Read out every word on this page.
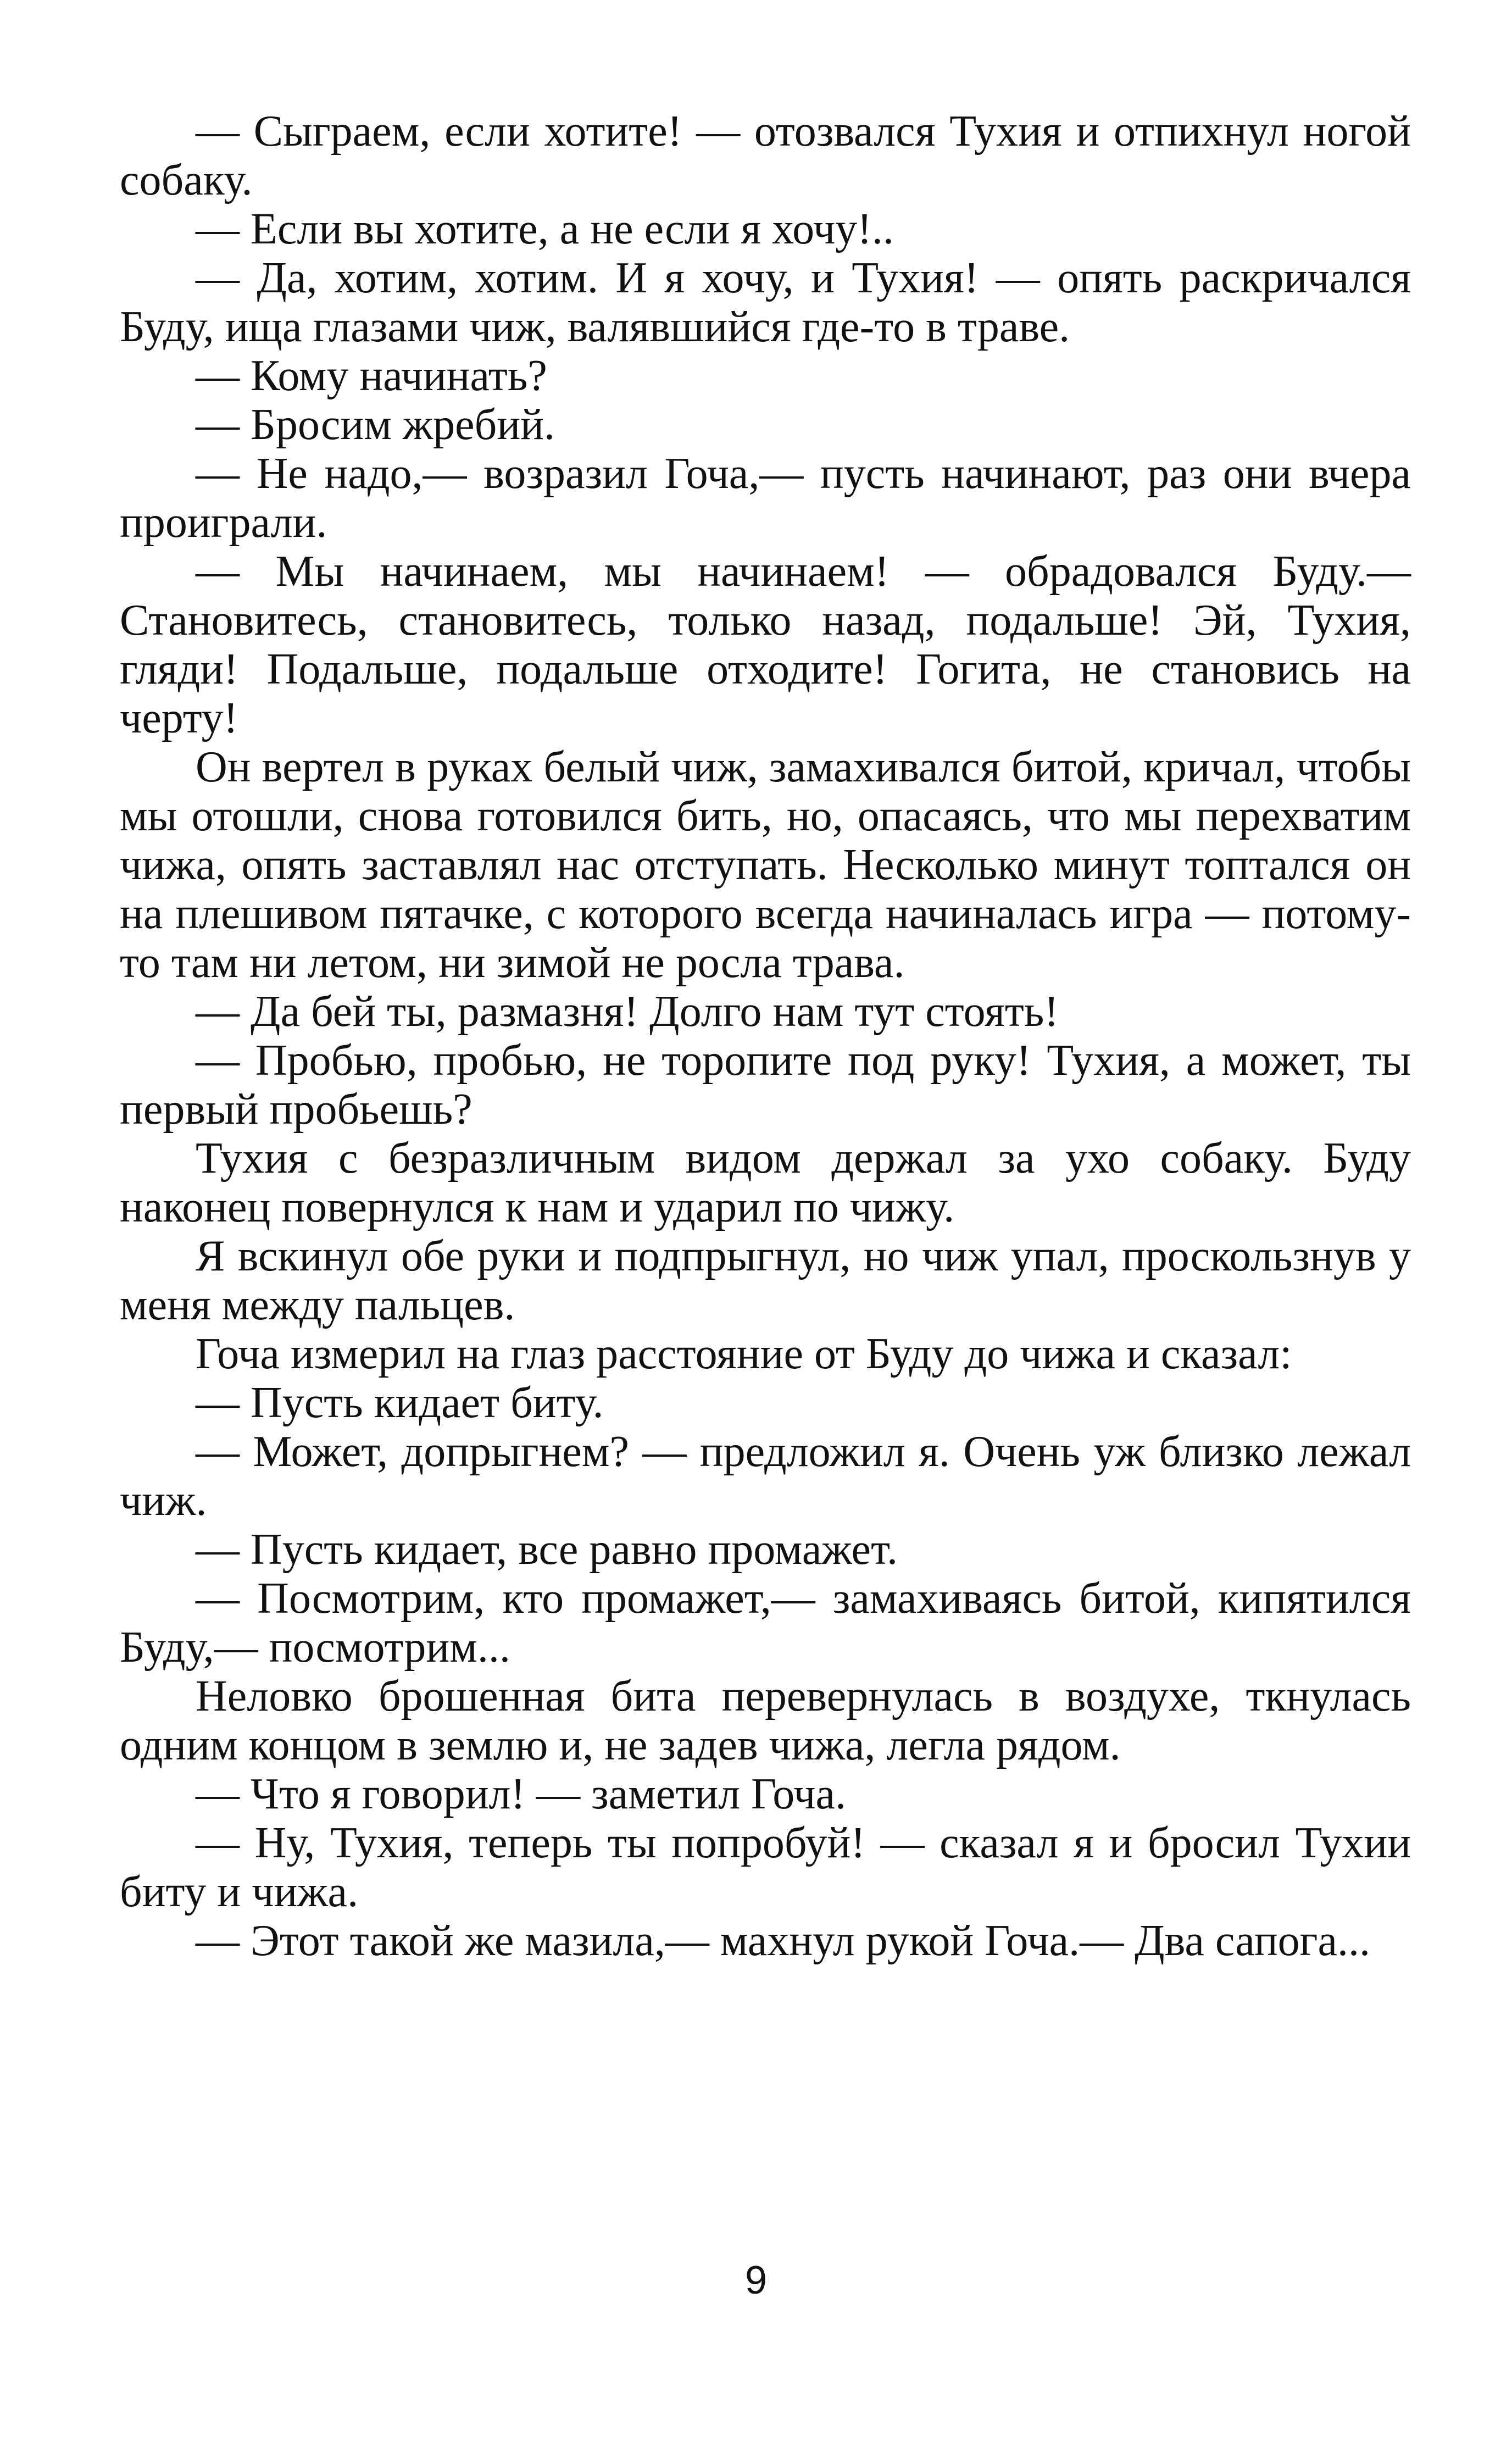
— Сыграем, если хотите! — отозвался Тухия и отпихнул ногой собаку.

— Если вы хотите, а не если я хочу!..

— Да, хотим, хотим. И я хочу, и Тухия! — опять раскричался Буду, ища глазами чиж, валявшийся где-то в траве.

— Кому начинать?

— Бросим жребий.

— Не надо,— возразил Гоча,— пусть начинают, раз они вчера проиграли.

— Мы начинаем, мы начинаем! — обрадовался Буду.— Становитесь, становитесь, только назад, подальше! Эй, Тухия, гляди! Подальше, подальше отходите! Гогита, не становись на черту!

Он вертел в руках белый чиж, замахивался битой, кричал, чтобы мы отошли, снова готовился бить, но, опасаясь, что мы перехватим чижа, опять заставлял нас отступать. Несколько минут топтался он на плешивом пятачке, с которого всегда начиналась игра — потому-то там ни летом, ни зимой не росла трава.

— Да бей ты, размазня! Долго нам тут стоять!

— Пробью, пробью, не торопите под руку! Тухия, а может, ты первый пробьешь?

Тухия с безразличным видом держал за ухо собаку. Буду наконец повернулся к нам и ударил по чижу.

Я вскинул обе руки и подпрыгнул, но чиж упал, проскользнув у меня между пальцев.

Гоча измерил на глаз расстояние от Буду до чижа и сказал:

— Пусть кидает биту.

— Может, допрыгнем? — предложил я. Очень уж близко лежал чиж.

— Пусть кидает, все равно промажет.

— Посмотрим, кто промажет,— замахиваясь битой, кипятился Буду,— посмотрим...

Неловко брошенная бита перевернулась в воздухе, ткнулась одним концом в землю и, не задев чижа, легла рядом.

— Что я говорил! — заметил Гоча.

— Ну, Тухия, теперь ты попробуй! — сказал я и бросил Тухии биту и чижа.

— Этот такой же мазила,— махнул рукой Гоча.— Два сапога...

9
